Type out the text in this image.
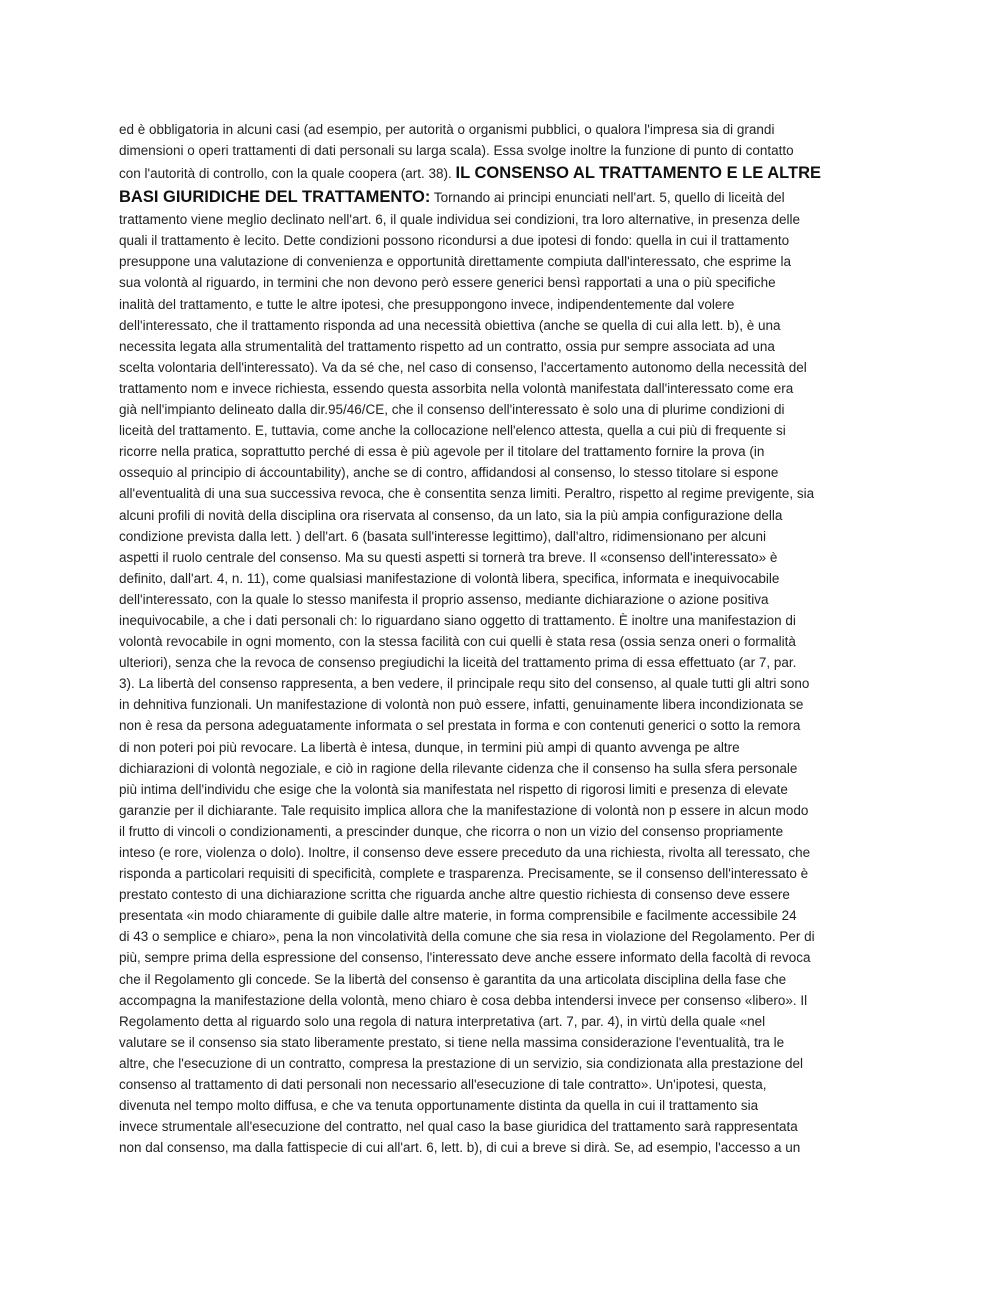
ed è obbligatoria in alcuni casi (ad esempio, per autorità o organismi pubblici, o qualora l'impresa sia di grandi
dimensioni o operi trattamenti di dati personali su larga scala). Essa svolge inoltre la funzione di punto di contatto
con l'autorità di controllo, con la quale coopera (art. 38). IL CONSENSO AL TRATTAMENTO E LE ALTRE
BASI GIURIDICHE DEL TRATTAMENTO: Tornando ai principi enunciati nell'art. 5, quello di liceità del
trattamento viene meglio declinato nell'art. 6, il quale individua sei condizioni, tra loro alternative, in presenza delle
quali il trattamento è lecito. Dette condizioni possono ricondursi a due ipotesi di fondo: quella in cui il trattamento
presuppone una valutazione di convenienza e opportunità direttamente compiuta dall'interessato, che esprime la
sua volontà al riguardo, in termini che non devono però essere generici bensì rapportati a una o più specifiche
inalità del trattamento, e tutte le altre ipotesi, che presuppongono invece, indipendentemente dal volere
dell'interessato, che il trattamento risponda ad una necessità obiettiva (anche se quella di cui alla lett. b), è una
necessita legata alla strumentalità del trattamento rispetto ad un contratto, ossia pur sempre associata ad una
scelta volontaria dell'interessato). Va da sé che, nel caso di consenso, l'accertamento autonomo della necessità del
trattamento nom e invece richiesta, essendo questa assorbita nella volontà manifestata dall'interessato come era
già nell'impianto delineato dalla dir.95/46/CE, che il consenso dell'interessato è solo una di plurime condizioni di
liceità del trattamento. E, tuttavia, come anche la collocazione nell'elenco attesta, quella a cui più di frequente si
ricorre nella pratica, soprattutto perché di essa è più agevole per il titolare del trattamento fornire la prova (in
ossequio al principio di áccountability), anche se di contro, affidandosi al consenso, lo stesso titolare si espone
all'eventualità di una sua successiva revoca, che è consentita senza limiti. Peraltro, rispetto al regime previgente, sia
alcuni profili di novità della disciplina ora riservata al consenso, da un lato, sia la più ampia configurazione della
condizione prevista dalla lett. ) dell'art. 6 (basata sull'interesse legittimo), dall'altro, ridimensionano per alcuni
aspetti il ruolo centrale del consenso. Ma su questi aspetti si tornerà tra breve. Il «consenso dell'interessato» è
definito, dall'art. 4, n. 11), come qualsiasi manifestazione di volontà libera, specifica, informata e inequivocabile
dell'interessato, con la quale lo stesso manifesta il proprio assenso, mediante dichiarazione o azione positiva
inequivocabile, a che i dati personali ch: lo riguardano siano oggetto di trattamento. È inoltre una manifestazion di
volontà revocabile in ogni momento, con la stessa facilità con cui quelli è stata resa (ossia senza oneri o formalità
ulteriori), senza che la revoca de consenso pregiudichi la liceità del trattamento prima di essa effettuato (ar 7, par.
3). La libertà del consenso rappresenta, a ben vedere, il principale requ sito del consenso, al quale tutti gli altri sono
in dehnitiva funzionali. Un manifestazione di volontà non può essere, infatti, genuinamente libera incondizionata se
non è resa da persona adeguatamente informata o sel prestata in forma e con contenuti generici o sotto la remora
di non poteri poi più revocare. La libertà è intesa, dunque, in termini più ampi di quanto avvenga pe altre
dichiarazioni di volontà negoziale, e ciò in ragione della rilevante cidenza che il consenso ha sulla sfera personale
più intima dell'individu che esige che la volontà sia manifestata nel rispetto di rigorosi limiti e presenza di elevate
garanzie per il dichiarante. Tale requisito implica allora che la manifestazione di volontà non p essere in alcun modo
il frutto di vincoli o condizionamenti, a prescinder dunque, che ricorra o non un vizio del consenso propriamente
inteso (e rore, violenza o dolo). Inoltre, il consenso deve essere preceduto da una richiesta, rivolta all teressato, che
risponda a particolari requisiti di specificità, complete e trasparenza. Precisamente, se il consenso dell'interessato è
prestato contesto di una dichiarazione scritta che riguarda anche altre questio richiesta di consenso deve essere
presentata «in modo chiaramente di guibile dalle altre materie, in forma comprensibile e facilmente accessibile 24
di 43 o semplice e chiaro», pena la non vincolatività della comune che sia resa in violazione del Regolamento. Per di
più, sempre prima della espressione del consenso, l'interessato deve anche essere informato della facoltà di revoca
che il Regolamento gli concede. Se la libertà del consenso è garantita da una articolata disciplina della fase che
accompagna la manifestazione della volontà, meno chiaro è cosa debba intendersi invece per consenso «libero». Il
Regolamento detta al riguardo solo una regola di natura interpretativa (art. 7, par. 4), in virtù della quale «nel
valutare se il consenso sia stato liberamente prestato, si tiene nella massima considerazione l'eventualità, tra le
altre, che l'esecuzione di un contratto, compresa la prestazione di un servizio, sia condizionata alla prestazione del
consenso al trattamento di dati personali non necessario all'esecuzione di tale contratto». Un'ipotesi, questa,
divenuta nel tempo molto diffusa, e che va tenuta opportunamente distinta da quella in cui il trattamento sia
invece strumentale all'esecuzione del contratto, nel qual caso la base giuridica del trattamento sarà rappresentata
non dal consenso, ma dalla fattispecie di cui all'art. 6, lett. b), di cui a breve si dirà. Se, ad esempio, l'accesso a un
